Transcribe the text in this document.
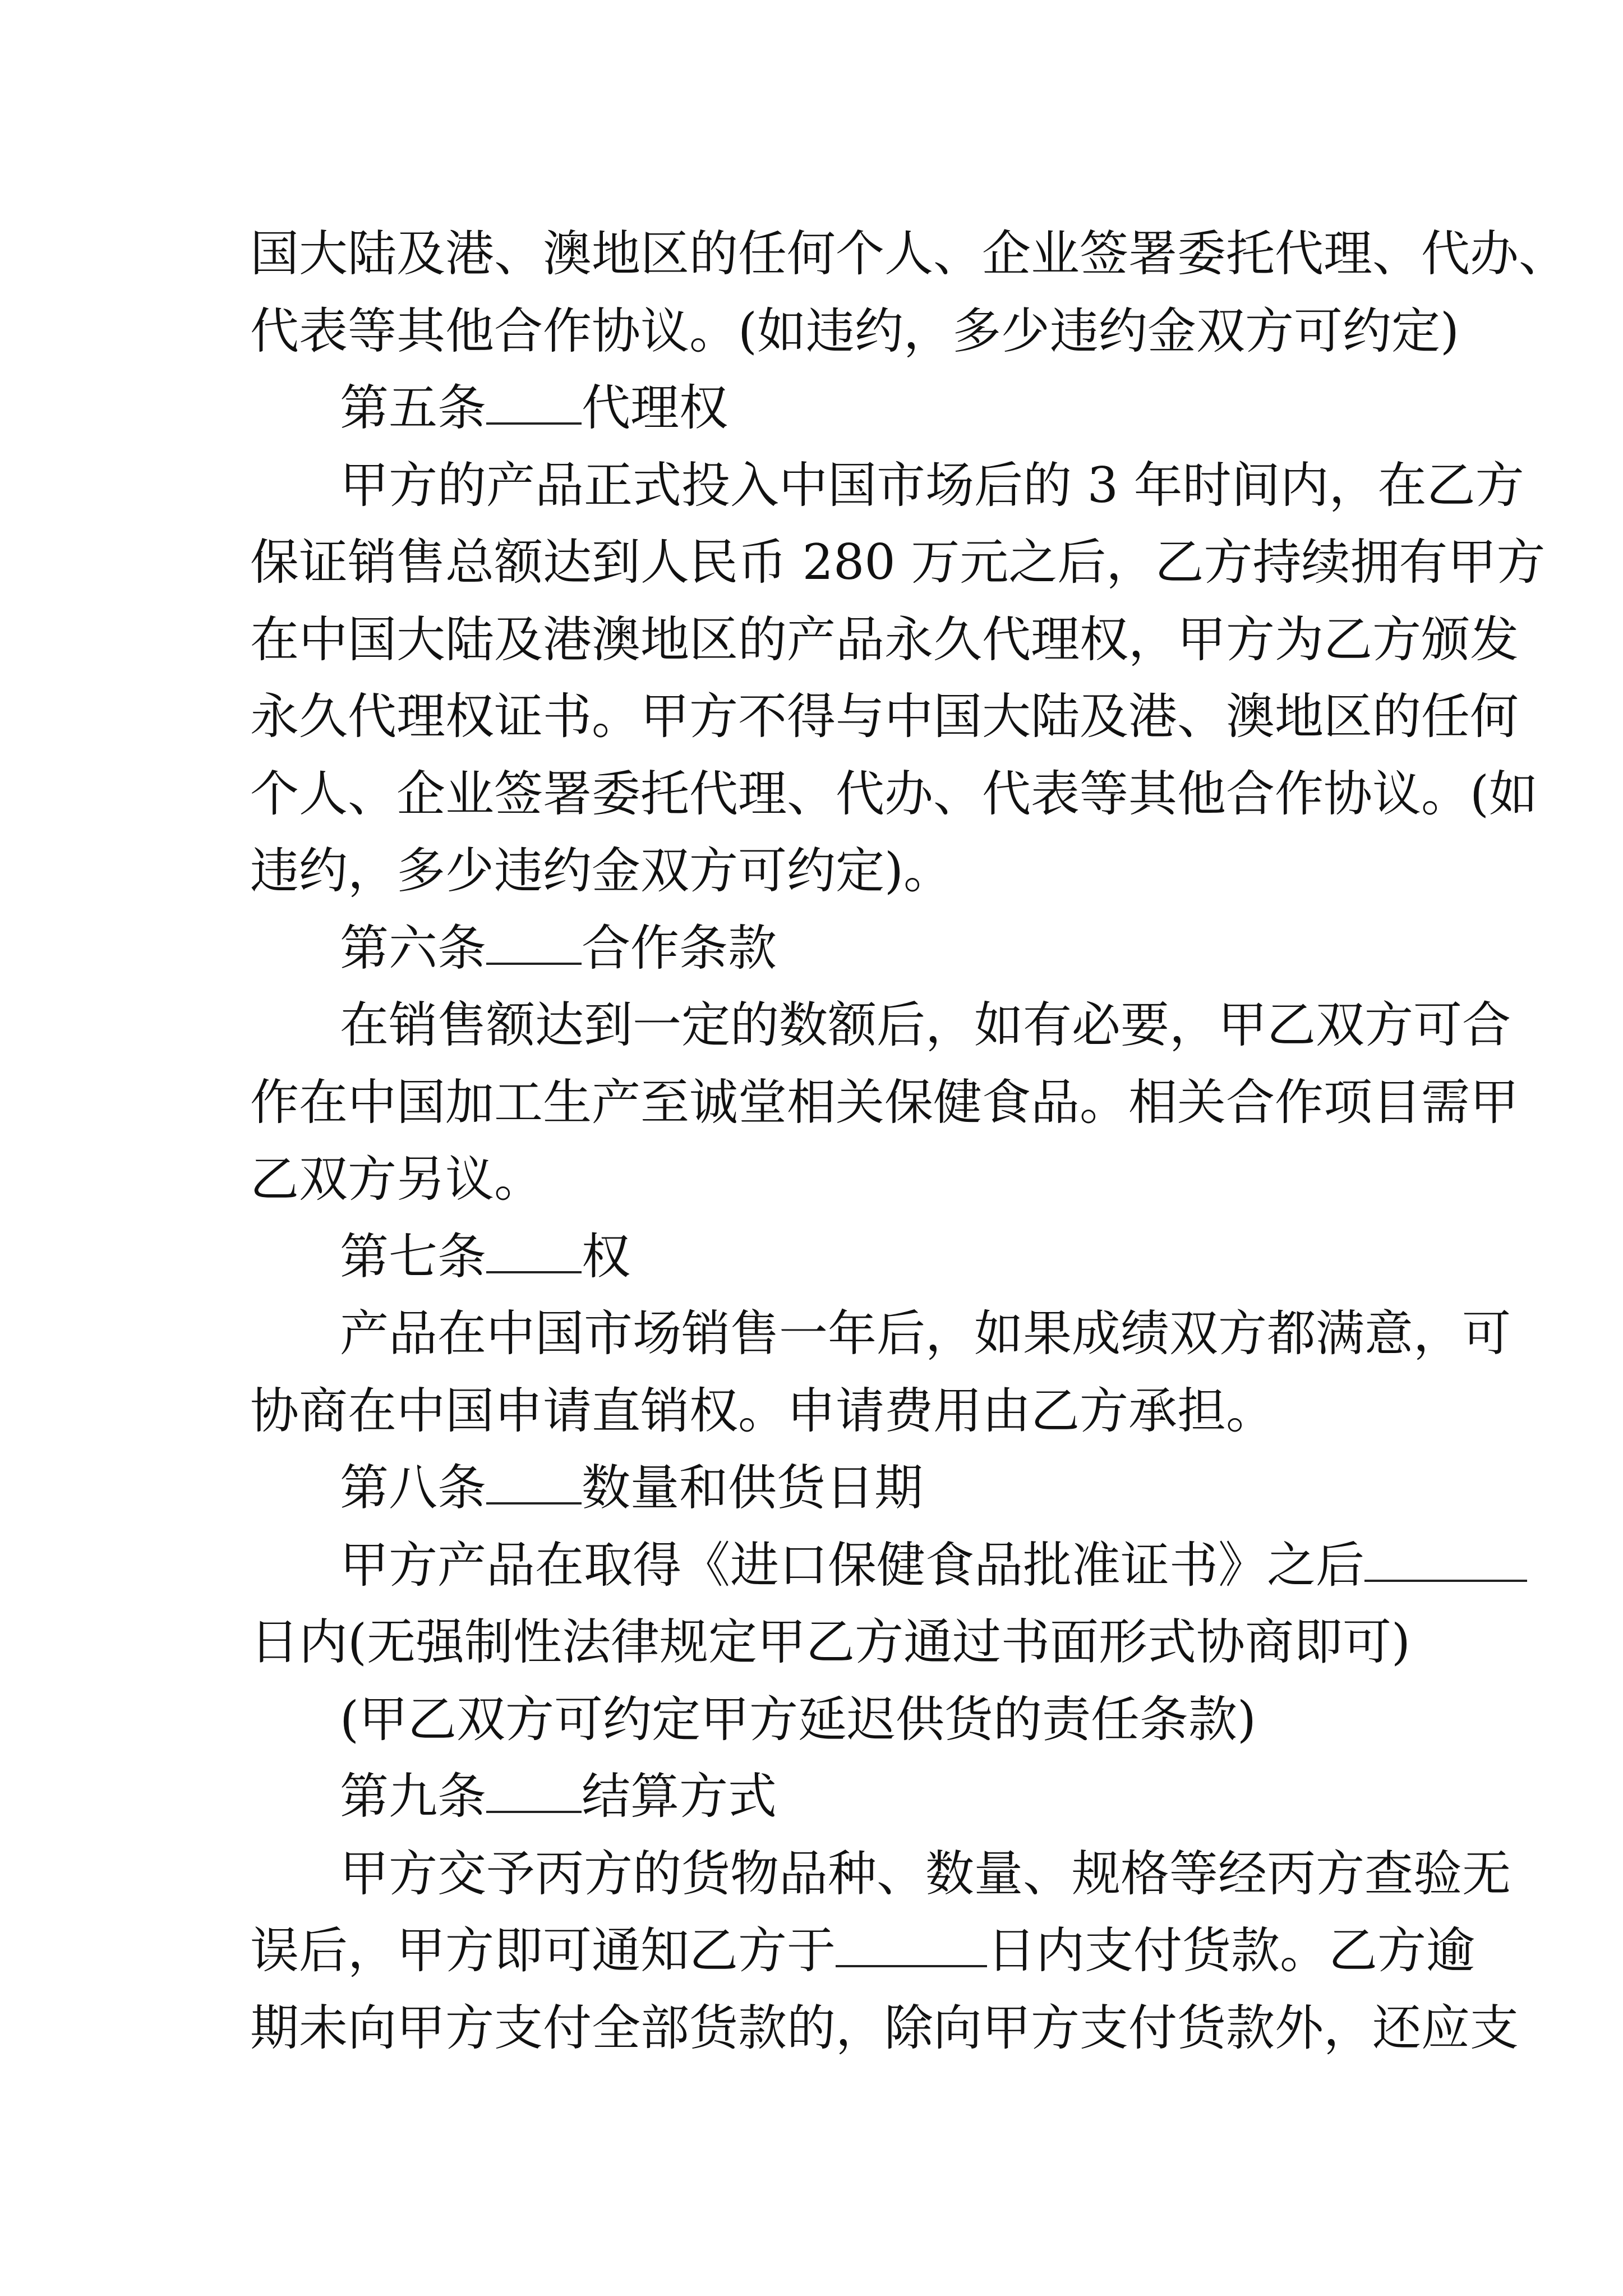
国大陆及港、澳地区的任何个人、企业签署委托代理、代办、
代表等其他合作协议。(如违约，多少违约金双方可约定)
第五条 代理权
甲方的产品正式投入中国市场后的 3 年时间内，在乙方
保证销售总额达到人民币 280 万元之后，乙方持续拥有甲方
在中国大陆及港澳地区的产品永久代理权，甲方为乙方颁发
永久代理权证书。甲方不得与中国大陆及港、澳地区的任何
个人、企业签署委托代理、代办、代表等其他合作协议。(如
违约，多少违约金双方可约定)。
第六条 合作条款
在销售额达到一定的数额后，如有必要，甲乙双方可合
作在中国加工生产至诚堂相关保健食品。相关合作项目需甲
乙双方另议。
第七条 权
产品在中国市场销售一年后，如果成绩双方都满意，可
协商在中国申请直销权。申请费用由乙方承担。
第八条 数量和供货日期
甲方产品在取得《进口保健食品批准证书》之后
日内(无强制性法律规定甲乙方通过书面形式协商即可)
(甲乙双方可约定甲方延迟供货的责任条款)
第九条 结算方式
甲方交予丙方的货物品种、数量、规格等经丙方查验无
误后，甲方即可通知乙方于	日内支付货款。乙方逾
期未向甲方支付全部货款的，除向甲方支付货款外，还应支
